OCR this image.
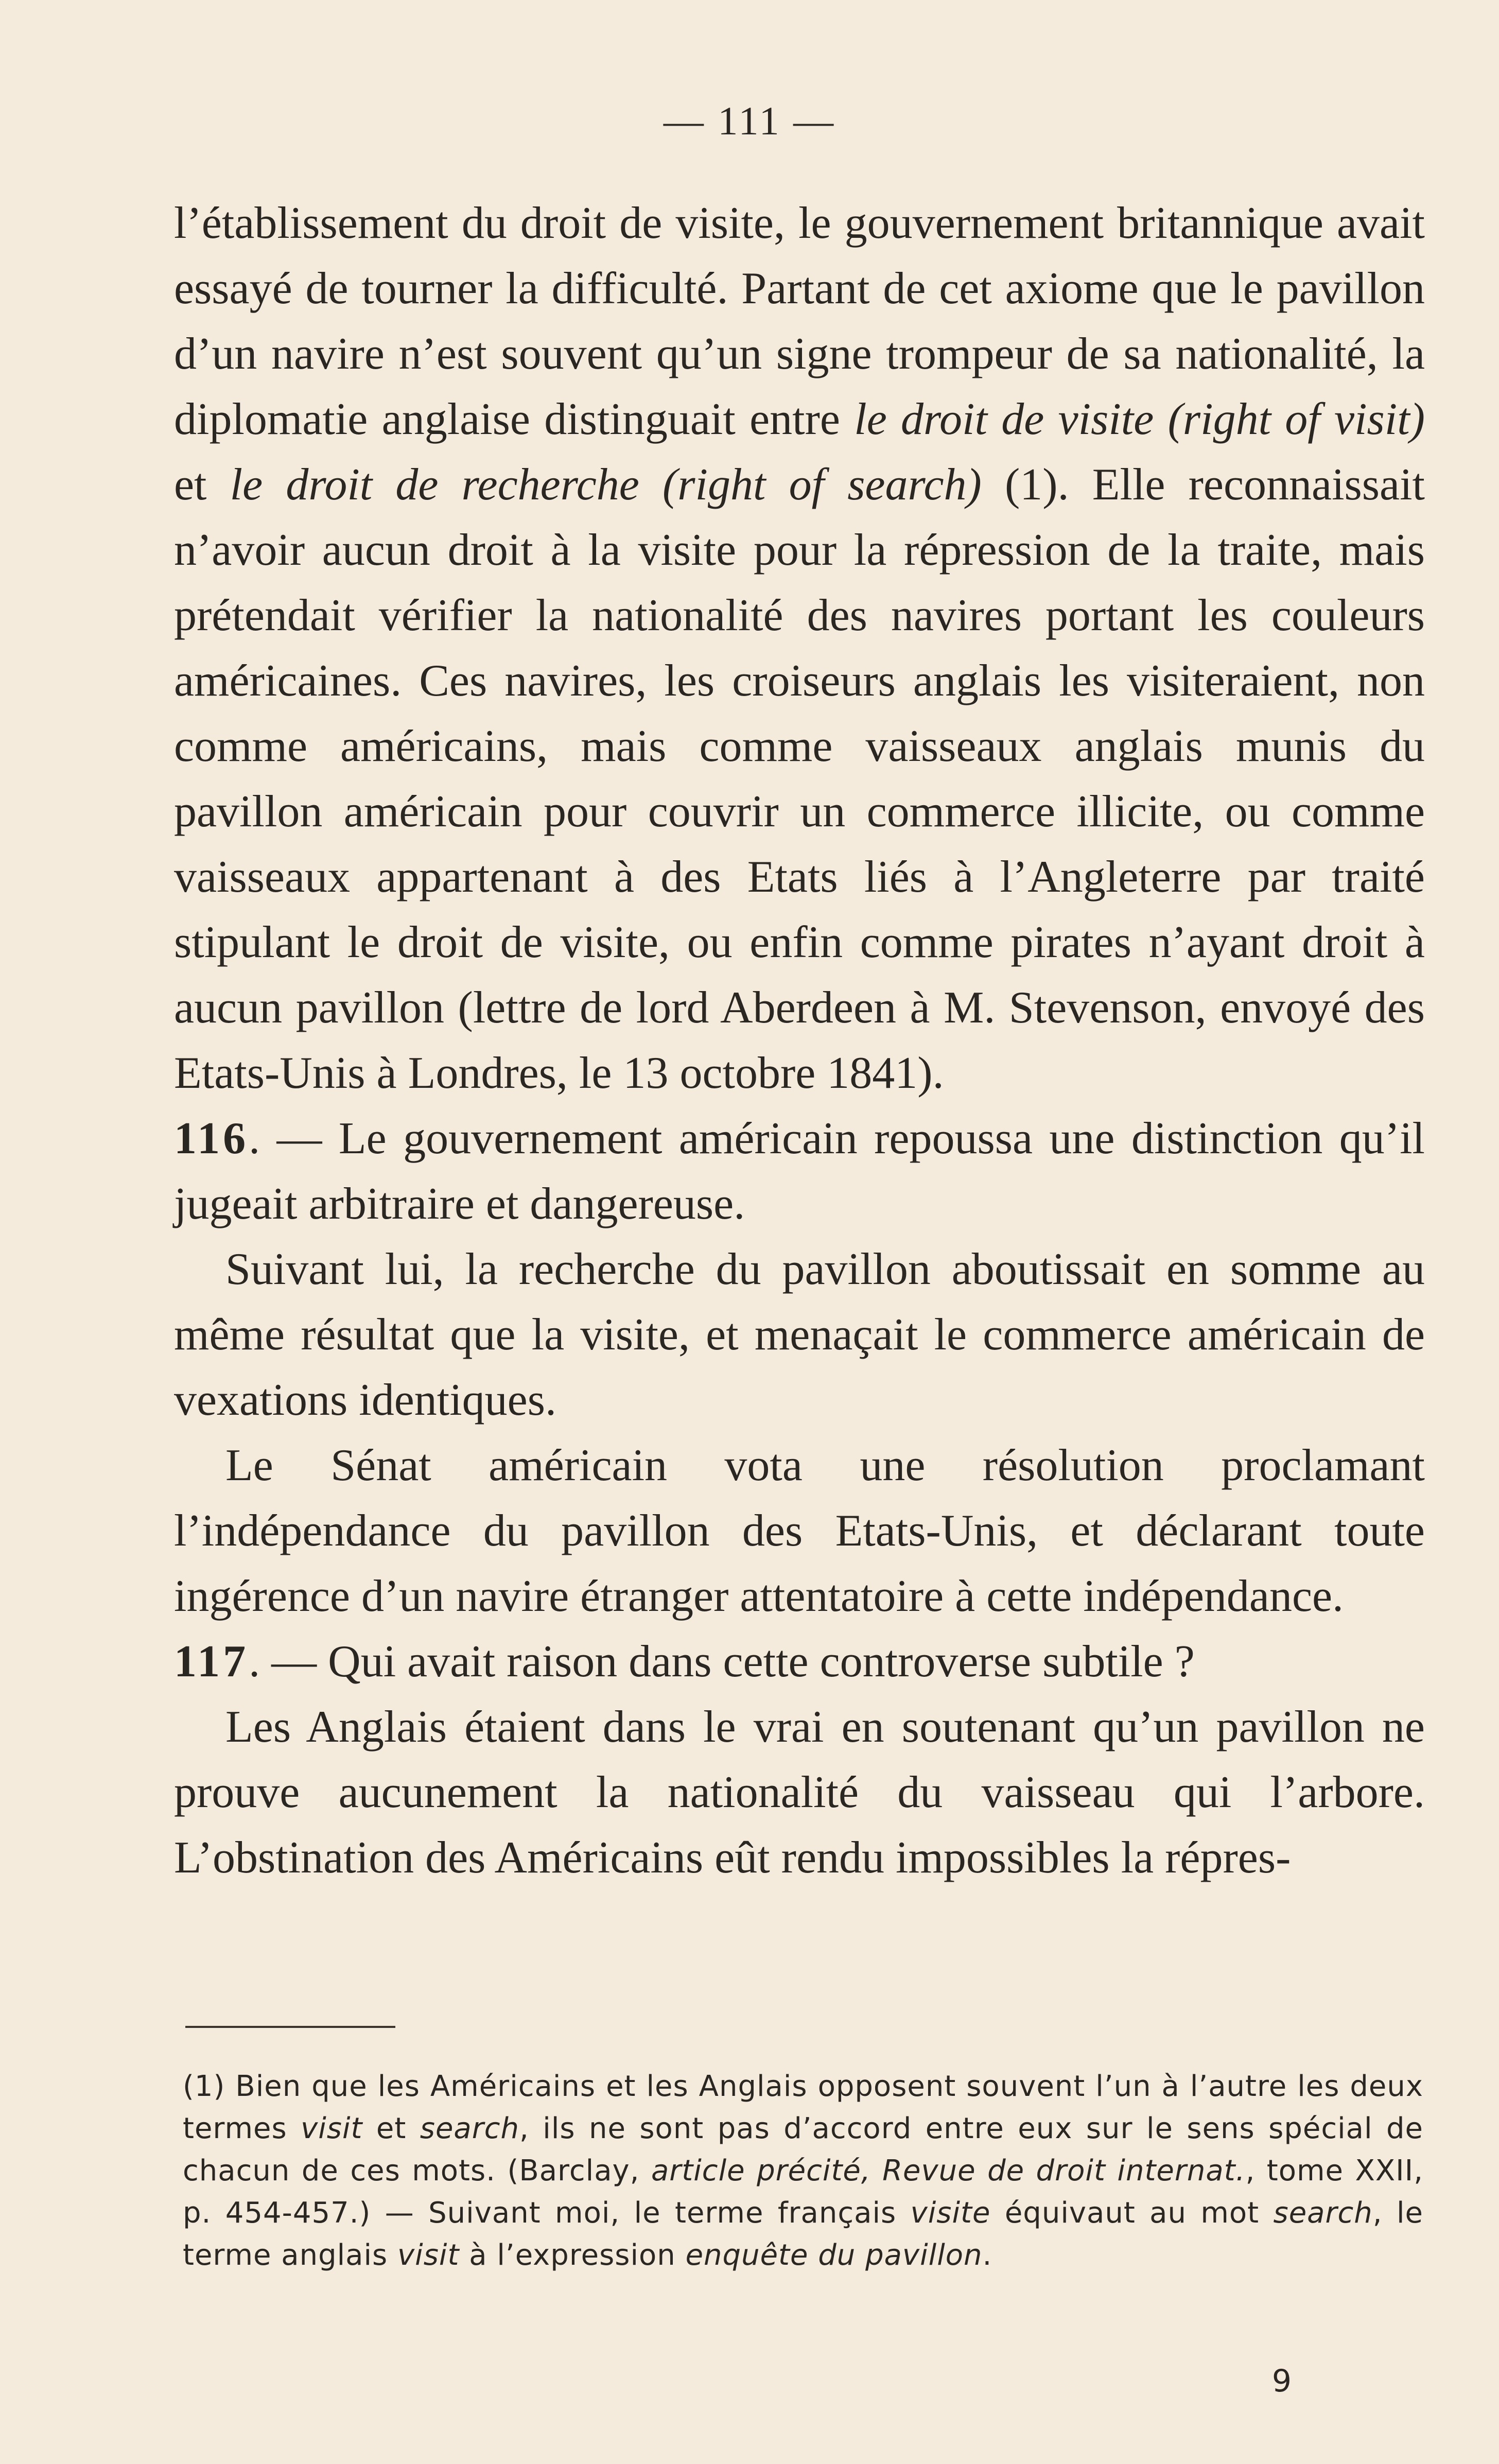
— 111 —

l’établissement du droit de visite, le gouvernement britannique avait essayé de tourner la difficulté. Partant de cet axiome que le pavillon d’un navire n’est souvent qu’un signe trompeur de sa nationalité, la diplomatie anglaise distinguait entre le droit de visite (right of visit) et le droit de recherche (right of search) (1). Elle reconnaissait n’avoir aucun droit à la visite pour la répression de la traite, mais prétendait vérifier la nationalité des navires portant les couleurs américaines. Ces navires, les croiseurs anglais les visiteraient, non comme américains, mais comme vaisseaux anglais munis du pavillon américain pour couvrir un commerce illicite, ou comme vaisseaux appartenant à des Etats liés à l’Angleterre par traité stipulant le droit de visite, ou enfin comme pirates n’ayant droit à aucun pavillon (lettre de lord Aberdeen à M. Stevenson, envoyé des Etats-Unis à Londres, le 13 octobre 1841).

116. — Le gouvernement américain repoussa une distinction qu’il jugeait arbitraire et dangereuse.

Suivant lui, la recherche du pavillon aboutissait en somme au même résultat que la visite, et menaçait le commerce américain de vexations identiques.

Le Sénat américain vota une résolution proclamant l’indépendance du pavillon des Etats-Unis, et déclarant toute ingérence d’un navire étranger attentatoire à cette indépendance.

117. — Qui avait raison dans cette controverse subtile ?

Les Anglais étaient dans le vrai en soutenant qu’un pavillon ne prouve aucunement la nationalité du vaisseau qui l’arbore. L’obstination des Américains eût rendu impossibles la répres-

(1) Bien que les Américains et les Anglais opposent souvent l’un à l’autre les deux termes visit et search, ils ne sont pas d’accord entre eux sur le sens spécial de chacun de ces mots. (Barclay, article précité, Revue de droit internat., tome XXII, p. 454-457.) — Suivant moi, le terme français visite équivaut au mot search, le terme anglais visit à l’expression enquête du pavillon.

9
